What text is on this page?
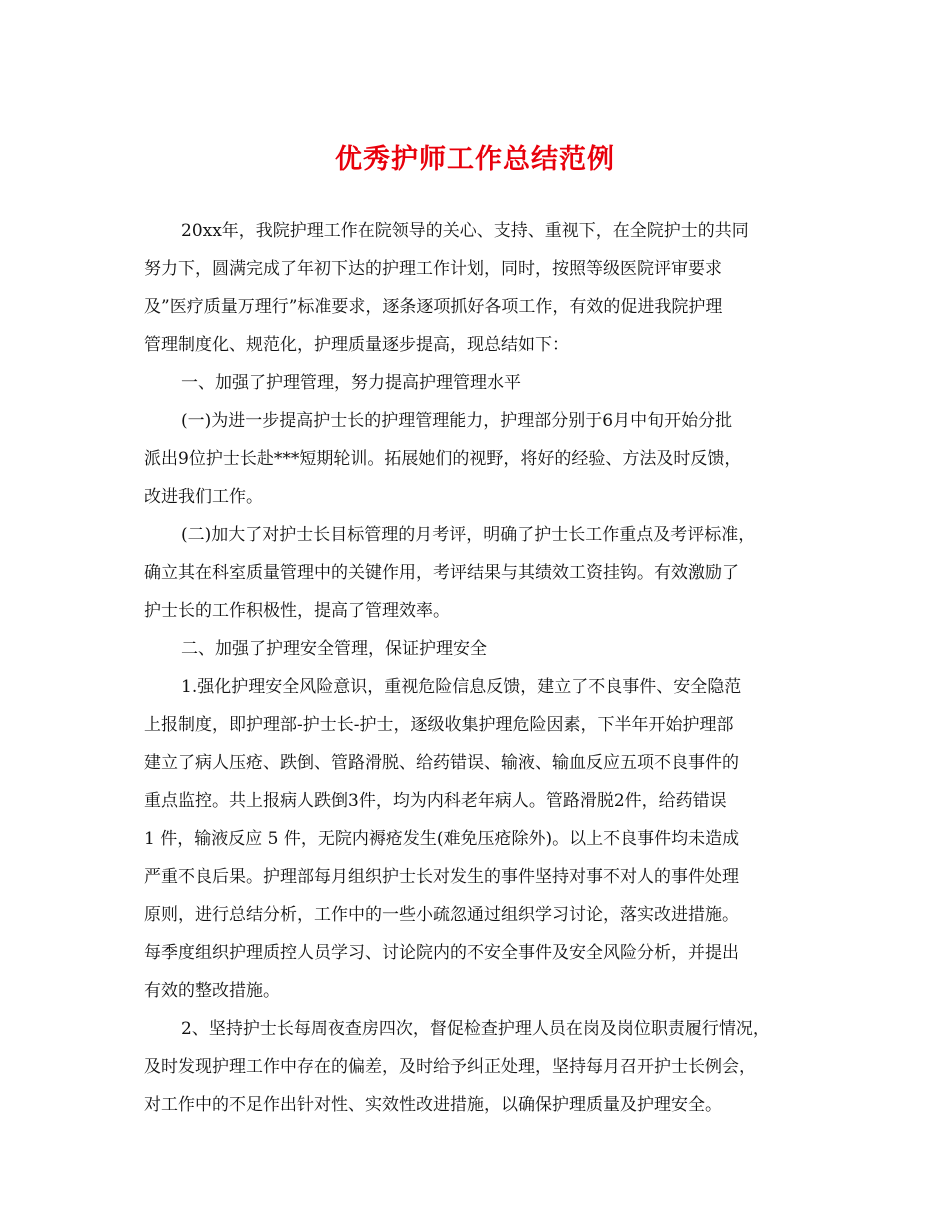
优秀护师工作总结范例
20xx年，我院护理工作在院领导的关心、支持、重视下，在全院护士的共同
努力下，圆满完成了年初下达的护理工作计划，同时，按照等级医院评审要求
及”医疗质量万理行”标准要求，逐条逐项抓好各项工作，有效的促进我院护理
管理制度化、规范化，护理质量逐步提高，现总结如下：
一、加强了护理管理，努力提高护理管理水平
(一)为进一步提高护士长的护理管理能力，护理部分别于6月中旬开始分批
派出9位护士长赴***短期轮训。拓展她们的视野，将好的经验、方法及时反馈，
改进我们工作。
(二)加大了对护士长目标管理的月考评，明确了护士长工作重点及考评标准，
确立其在科室质量管理中的关键作用，考评结果与其绩效工资挂钩。有效激励了
护士长的工作积极性，提高了管理效率。
二、加强了护理安全管理，保证护理安全
1.强化护理安全风险意识，重视危险信息反馈，建立了不良事件、安全隐范
上报制度，即护理部-护士长-护士，逐级收集护理危险因素，下半年开始护理部
建立了病人压疮、跌倒、管路滑脱、给药错误、输液、输血反应五项不良事件的
重点监控。共上报病人跌倒3件，均为内科老年病人。管路滑脱2件，给药错误
1 件，输液反应 5 件，无院内褥疮发生(难免压疮除外)。以上不良事件均未造成
严重不良后果。护理部每月组织护士长对发生的事件坚持对事不对人的事件处理
原则，进行总结分析，工作中的一些小疏忽通过组织学习讨论，落实改进措施。
每季度组织护理质控人员学习、讨论院内的不安全事件及安全风险分析，并提出
有效的整改措施。
2、坚持护士长每周夜查房四次，督促检查护理人员在岗及岗位职责履行情况，
及时发现护理工作中存在的偏差，及时给予纠正处理，坚持每月召开护士长例会，
对工作中的不足作出针对性、实效性改进措施，以确保护理质量及护理安全。
